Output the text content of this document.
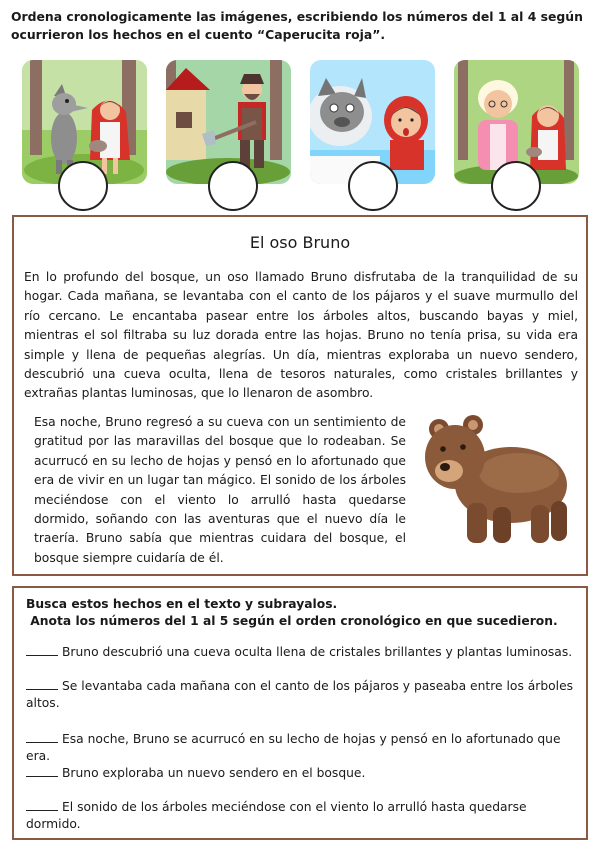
Ordena cronologicamente las imágenes, escribiendo los números del 1 al 4 según ocurrieron los hechos en el cuento “Caperucita roja”.
El oso Bruno
En lo profundo del bosque, un oso llamado Bruno disfrutaba de la tranquilidad de su hogar. Cada mañana, se levantaba con el canto de los pájaros y el suave murmullo del río cercano. Le encantaba pasear entre los árboles altos, buscando bayas y miel, mientras el sol filtraba su luz dorada entre las hojas. Bruno no tenía prisa, su vida era simple y llena de pequeñas alegrías. Un día, mientras exploraba un nuevo sendero, descubrió una cueva oculta, llena de tesoros naturales, como cristales brillantes y extrañas plantas luminosas, que lo llenaron de asombro.
Esa noche, Bruno regresó a su cueva con un sentimiento de gratitud por las maravillas del bosque que lo rodeaban. Se acurrucó en su lecho de hojas y pensó en lo afortunado que era de vivir en un lugar tan mágico. El sonido de los árboles meciéndose con el viento lo arrulló hasta quedarse dormido, soñando con las aventuras que el nuevo día le traería. Bruno sabía que mientras cuidara del bosque, el bosque siempre cuidaría de él.
Busca estos hechos en el texto y subrayalos.
Anota los números del 1 al 5 según el orden cronológico en que sucedieron.
Bruno descubrió una cueva oculta llena de cristales brillantes y plantas luminosas.
Se levantaba cada mañana con el canto de los pájaros y paseaba entre los árboles altos.
Esa noche, Bruno se acurrucó en su lecho de hojas y pensó en lo afortunado que era.
Bruno exploraba un nuevo sendero en el bosque.
El sonido de los árboles meciéndose con el viento lo arrulló hasta quedarse dormido.
